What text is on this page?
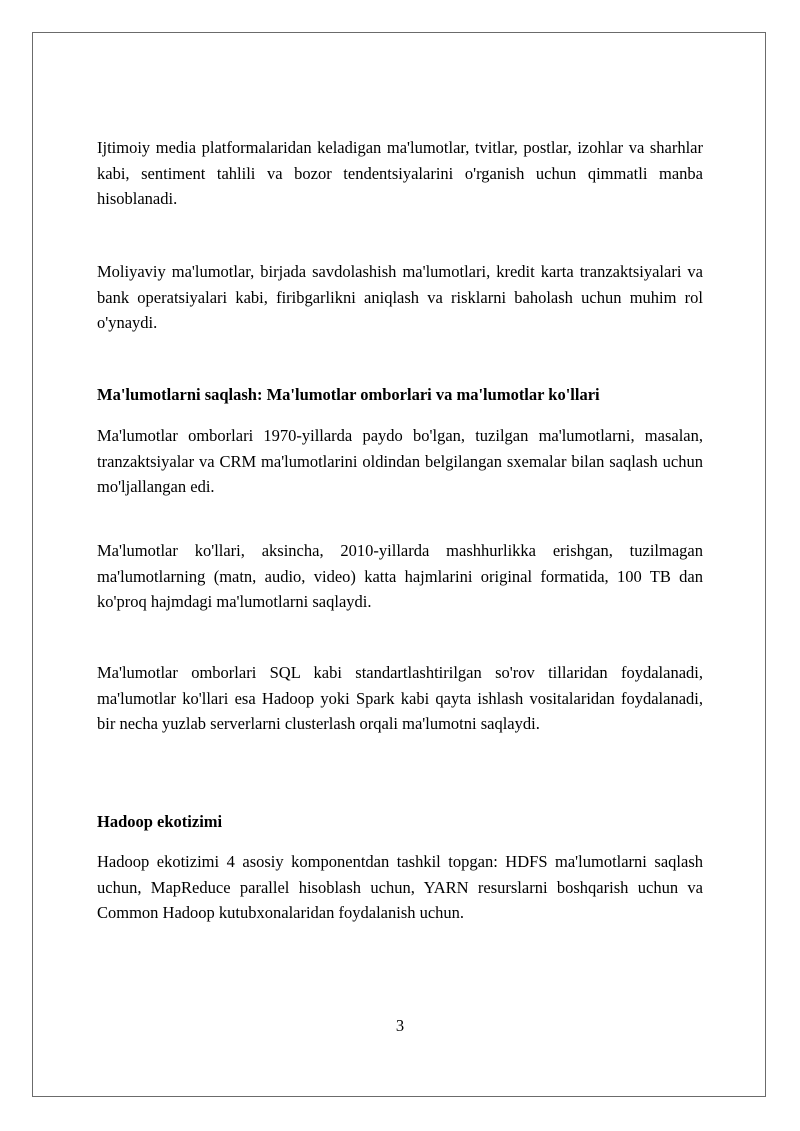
Ijtimoiy media platformalaridan keladigan ma'lumotlar, tvitlar, postlar, izohlar va sharhlar kabi, sentiment tahlili va bozor tendentsiyalarini o'rganish uchun qimmatli manba hisoblanadi.

Moliyaviy ma'lumotlar, birjada savdolashish ma'lumotlari, kredit karta tranzaktsiyalari va bank operatsiyalari kabi, firibgarlikni aniqlash va risklarni baholash uchun muhim rol o'ynaydi.

Ma'lumotlarni saqlash: Ma'lumotlar omborlari va ma'lumotlar ko'llari

Ma'lumotlar omborlari 1970-yillarda paydo bo'lgan, tuzilgan ma'lumotlarni, masalan, tranzaktsiyalar va CRM ma'lumotlarini oldindan belgilangan sxemalar bilan saqlash uchun mo'ljallangan edi.

Ma'lumotlar ko'llari, aksincha, 2010-yillarda mashhurlikka erishgan, tuzilmagan ma'lumotlarning (matn, audio, video) katta hajmlarini original formatida, 100 TB dan ko'proq hajmdagi ma'lumotlarni saqlaydi.

Ma'lumotlar omborlari SQL kabi standartlashtirilgan so'rov tillaridan foydalanadi, ma'lumotlar ko'llari esa Hadoop yoki Spark kabi qayta ishlash vositalaridan foydalanadi, bir necha yuzlab serverlarni clusterlash orqali ma'lumotni saqlaydi.

Hadoop ekotizimi

Hadoop ekotizimi 4 asosiy komponentdan tashkil topgan: HDFS ma'lumotlarni saqlash uchun, MapReduce parallel hisoblash uchun, YARN resurslarni boshqarish uchun va Common Hadoop kutubxonalaridan foydalanish uchun.

3
